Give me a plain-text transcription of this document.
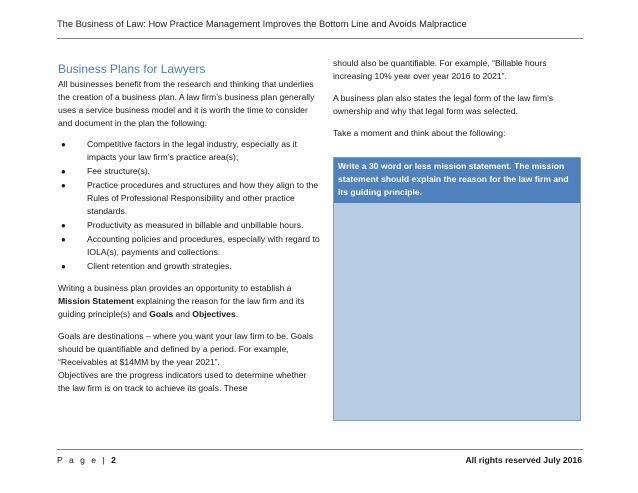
The Business of Law: How Practice Management Improves the Bottom Line and Avoids Malpractice
Business Plans for Lawyers

All businesses benefit from the research and thinking that underlies the creation of a business plan. A law firm’s business plan generally uses a service business model and it is worth the time to consider and document in the plan the following:

● Competitive factors in the legal industry, especially as it impacts your law firm’s practice area(s);
● Fee structure(s).
● Practice procedures and structures and how they align to the Rules of Professional Responsibility and other practice standards.
● Productivity as measured in billable and unbillable hours.
● Accounting policies and procedures, especially with regard to IOLA(s), payments and collections.
● Client retention and growth strategies.

Writing a business plan provides an opportunity to establish a Mission Statement explaining the reason for the law firm and its guiding principle(s) and Goals and Objectives.

Goals are destinations – where you want your law firm to be. Goals should be quantifiable and defined by a period. For example, “Receivables at $14MM by the year 2021”.

Objectives are the progress indicators used to determine whether the law firm is on track to achieve its goals. These

should also be quantifiable. For example, “Billable hours increasing 10% year over year 2016 to 2021”.

A business plan also states the legal form of the law firm’s ownership and why that legal form was selected.

Take a moment and think about the following:

Write a 30 word or less mission statement. The mission statement should explain the reason for the law firm and its guiding principle.
P a g e | 2	All rights reserved July 2016
